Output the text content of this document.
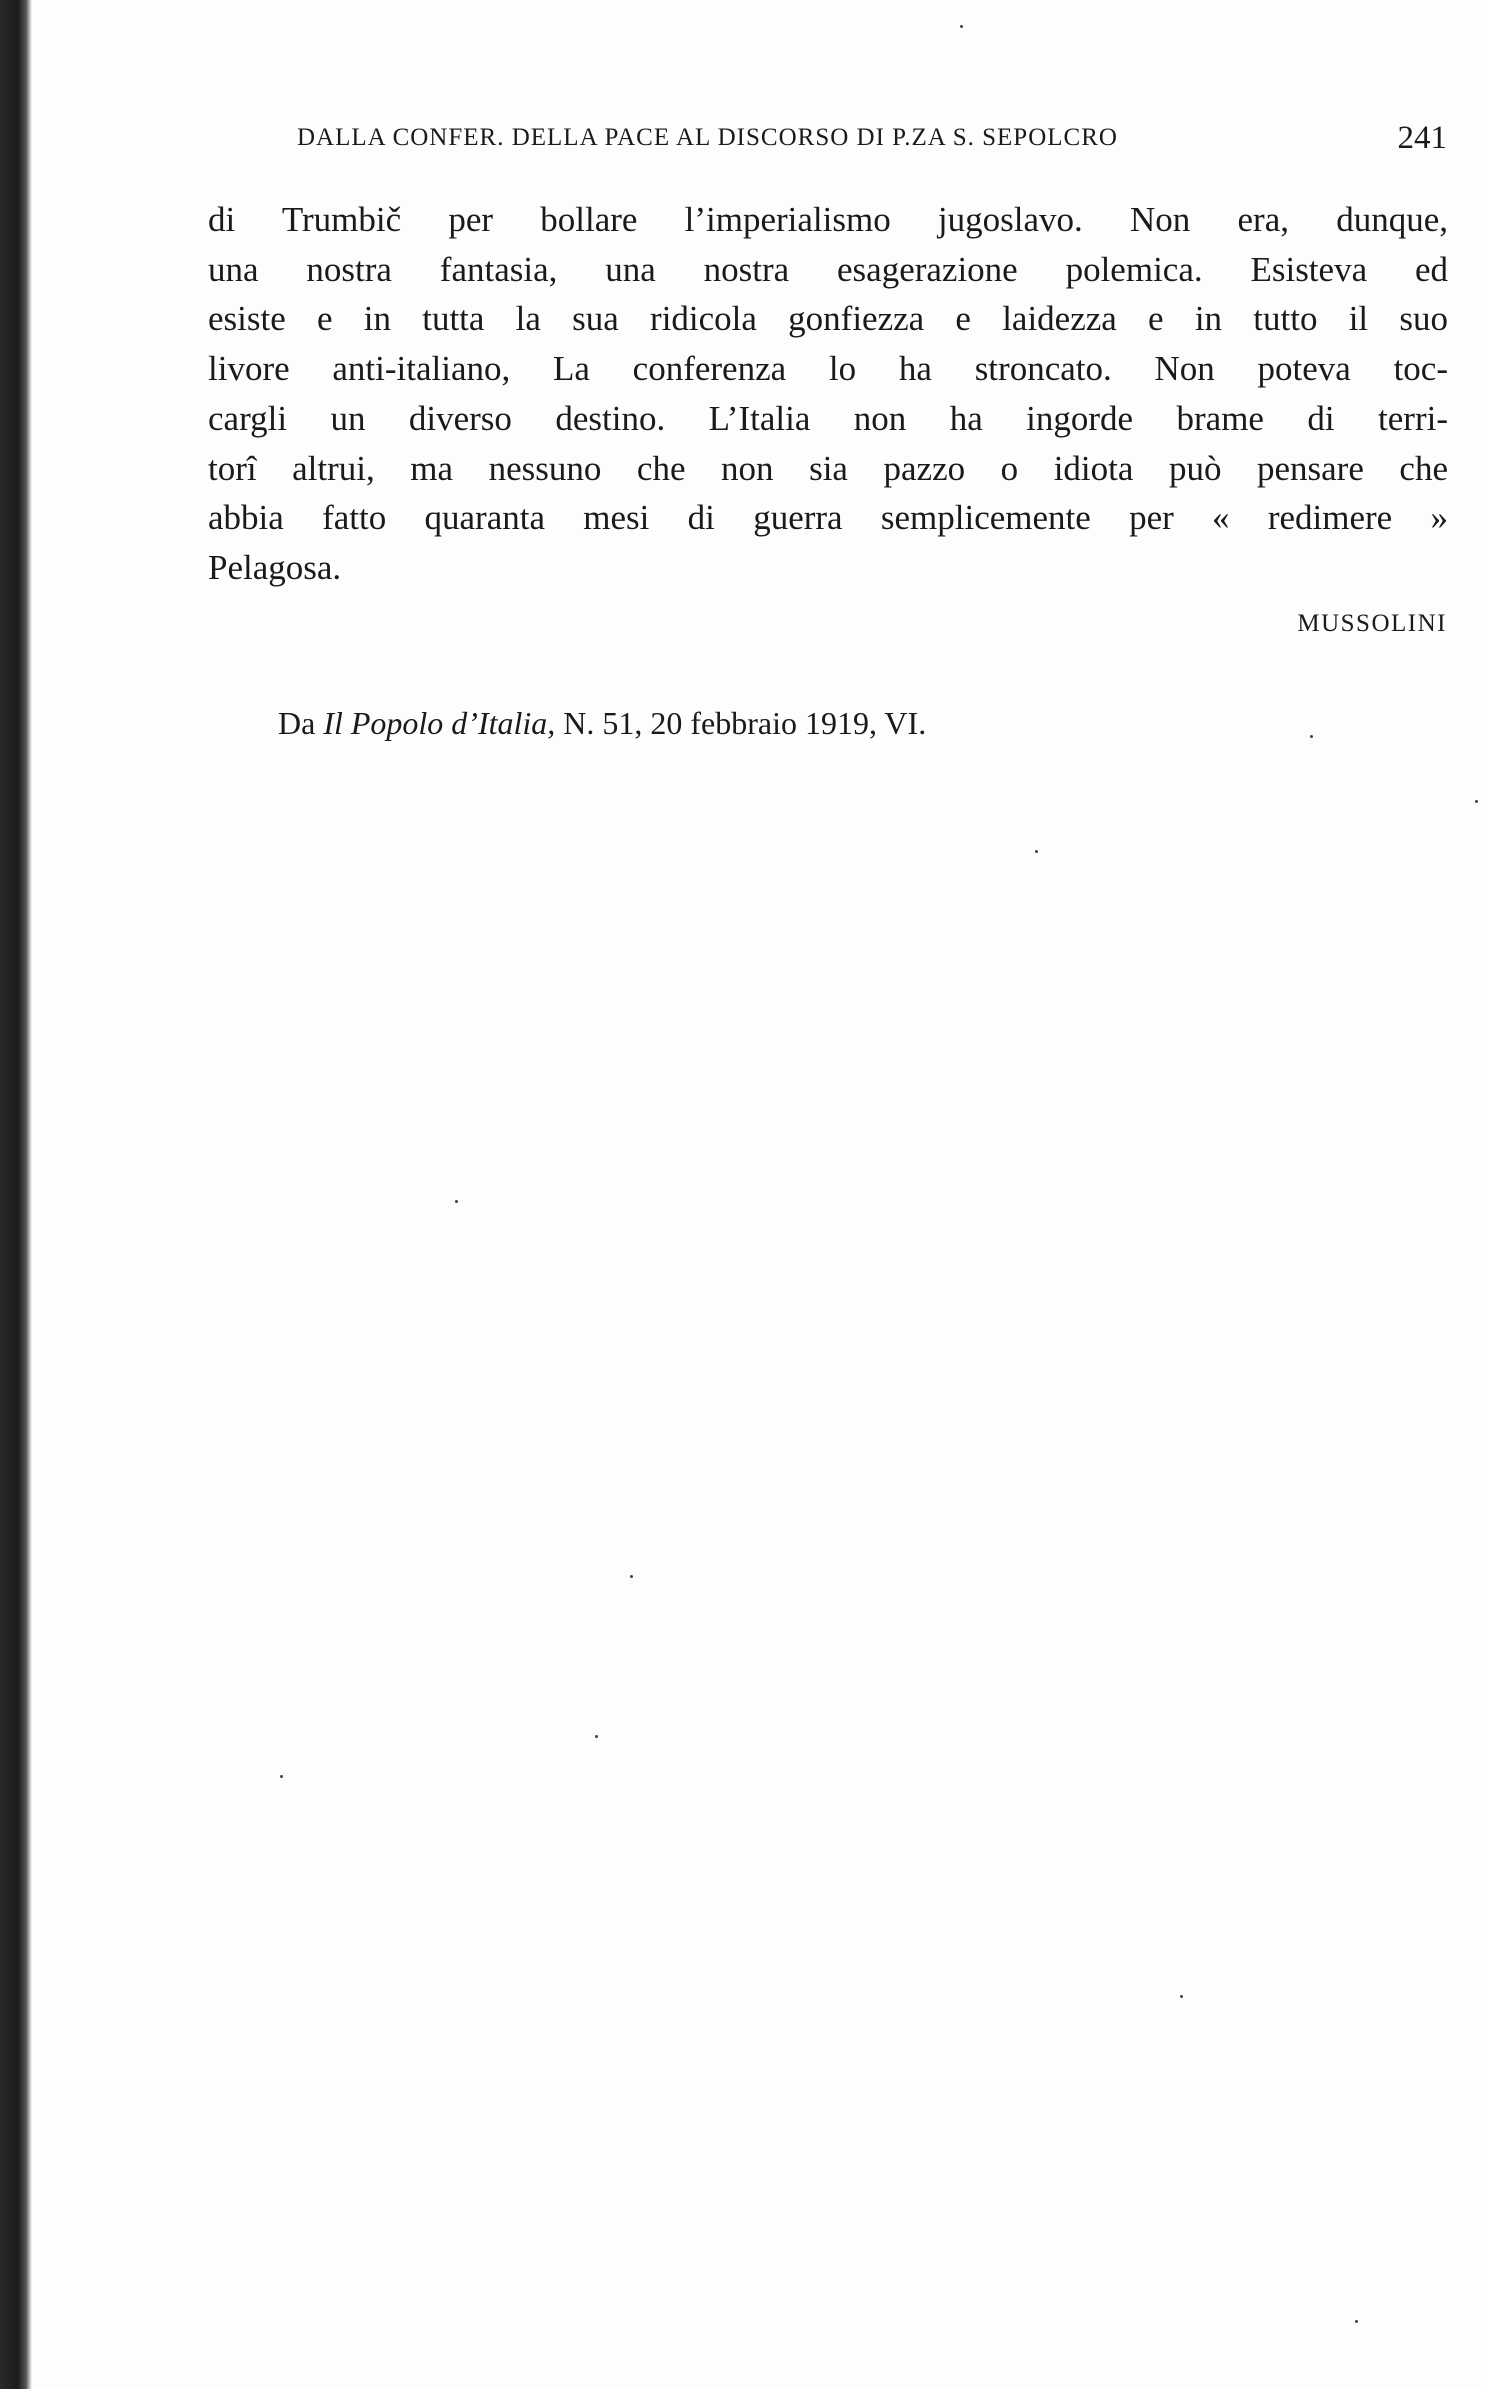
DALLA CONFER. DELLA PACE AL DISCORSO DI P.ZA S. SEPOLCRO	241
di Trumbič per bollare l’imperialismo jugoslavo. Non era, dunque,
una nostra fantasia, una nostra esagerazione polemica. Esisteva ed
esiste e in tutta la sua ridicola gonfiezza e laidezza e in tutto il suo
livore anti-italiano, La conferenza lo ha stroncato. Non poteva toc-
cargli un diverso destino. L’Italia non ha ingorde brame di terri-
torî altrui, ma nessuno che non sia pazzo o idiota può pensare che
abbia fatto quaranta mesi di guerra semplicemente per « redimere »
Pelagosa.
MUSSOLINI
Da Il Popolo d’Italia, N. 51, 20 febbraio 1919, VI.
